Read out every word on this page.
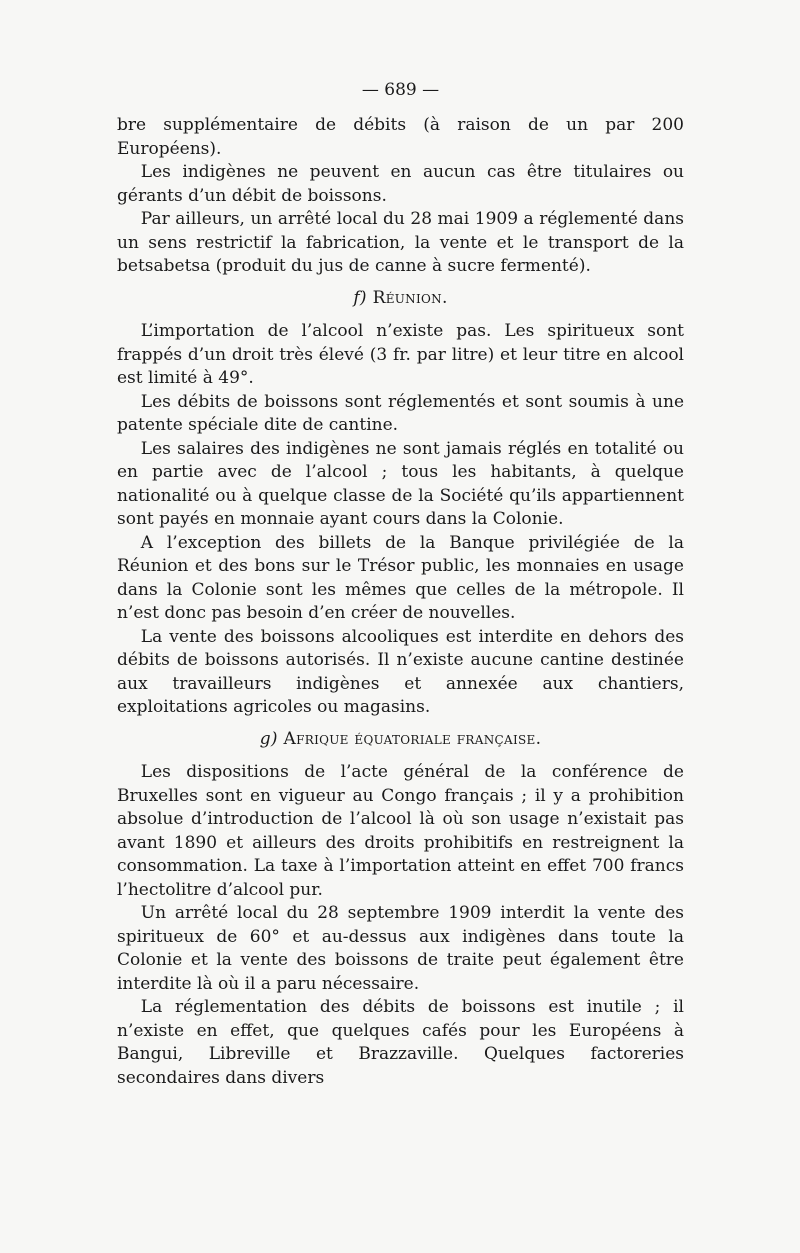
— 689 —

bre supplémentaire de débits (à raison de un par 200 Européens).

Les indigènes ne peuvent en aucun cas être titulaires ou gérants d’un débit de boissons.

Par ailleurs, un arrêté local du 28 mai 1909 a réglementé dans un sens restrictif la fabrication, la vente et le transport de la betsabetsa (produit du jus de canne à sucre fermenté).

f) Réunion.

L’importation de l’alcool n’existe pas. Les spiritueux sont frappés d’un droit très élevé (3 fr. par litre) et leur titre en alcool est limité à 49°.

Les débits de boissons sont réglementés et sont soumis à une patente spéciale dite de cantine.

Les salaires des indigènes ne sont jamais réglés en totalité ou en partie avec de l’alcool ; tous les habitants, à quelque nationalité ou à quelque classe de la Société qu’ils appartiennent sont payés en monnaie ayant cours dans la Colonie.

A l’exception des billets de la Banque privilégiée de la Réunion et des bons sur le Trésor public, les monnaies en usage dans la Colonie sont les mêmes que celles de la métropole. Il n’est donc pas besoin d’en créer de nouvelles.

La vente des boissons alcooliques est interdite en dehors des débits de boissons autorisés. Il n’existe aucune cantine destinée aux travailleurs indigènes et annexée aux chantiers, exploitations agricoles ou magasins.

g) Afrique équatoriale française.

Les dispositions de l’acte général de la conférence de Bruxelles sont en vigueur au Congo français ; il y a prohibition absolue d’introduction de l’alcool là où son usage n’existait pas avant 1890 et ailleurs des droits prohibitifs en restreignent la consommation. La taxe à l’importation atteint en effet 700 francs l’hectolitre d’alcool pur.

Un arrêté local du 28 septembre 1909 interdit la vente des spiritueux de 60° et au-dessus aux indigènes dans toute la Colonie et la vente des boissons de traite peut également être interdite là où il a paru nécessaire.

La réglementation des débits de boissons est inutile ; il n’existe en effet, que quelques cafés pour les Européens à Bangui, Libreville et Brazzaville. Quelques factoreries secondaires dans divers
